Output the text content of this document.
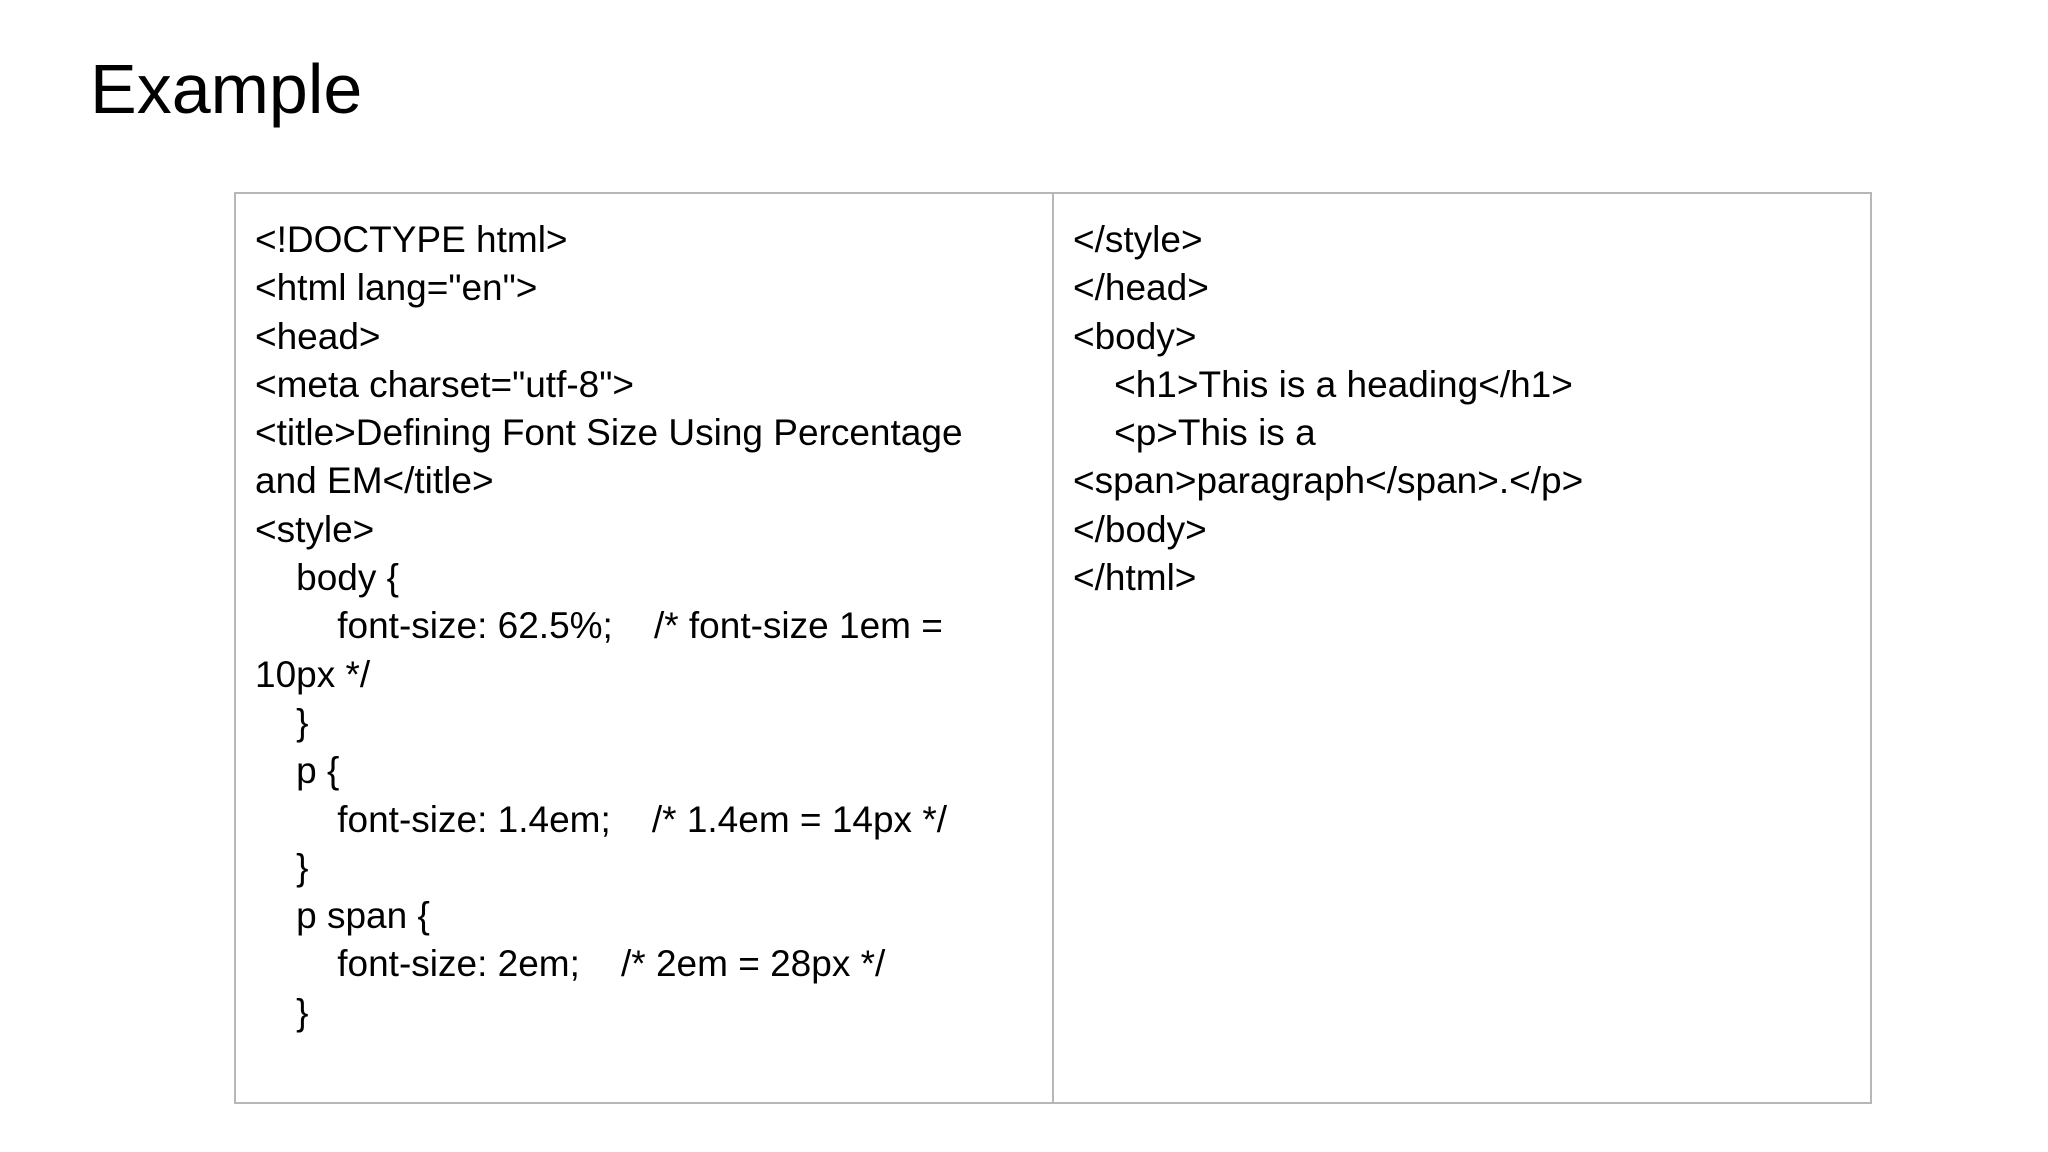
Example
<!DOCTYPE html>
<html lang="en">
<head>
<meta charset="utf-8">
<title>Defining Font Size Using Percentage
and EM</title>
<style>
body {
font-size: 62.5%;    /* font-size 1em =
10px */
}
p {
font-size: 1.4em;    /* 1.4em = 14px */
}
p span {
font-size: 2em;    /* 2em = 28px */
}
</style>
</head>
<body>
<h1>This is a heading</h1>
<p>This is a
<span>paragraph</span>.</p>
</body>
</html>
